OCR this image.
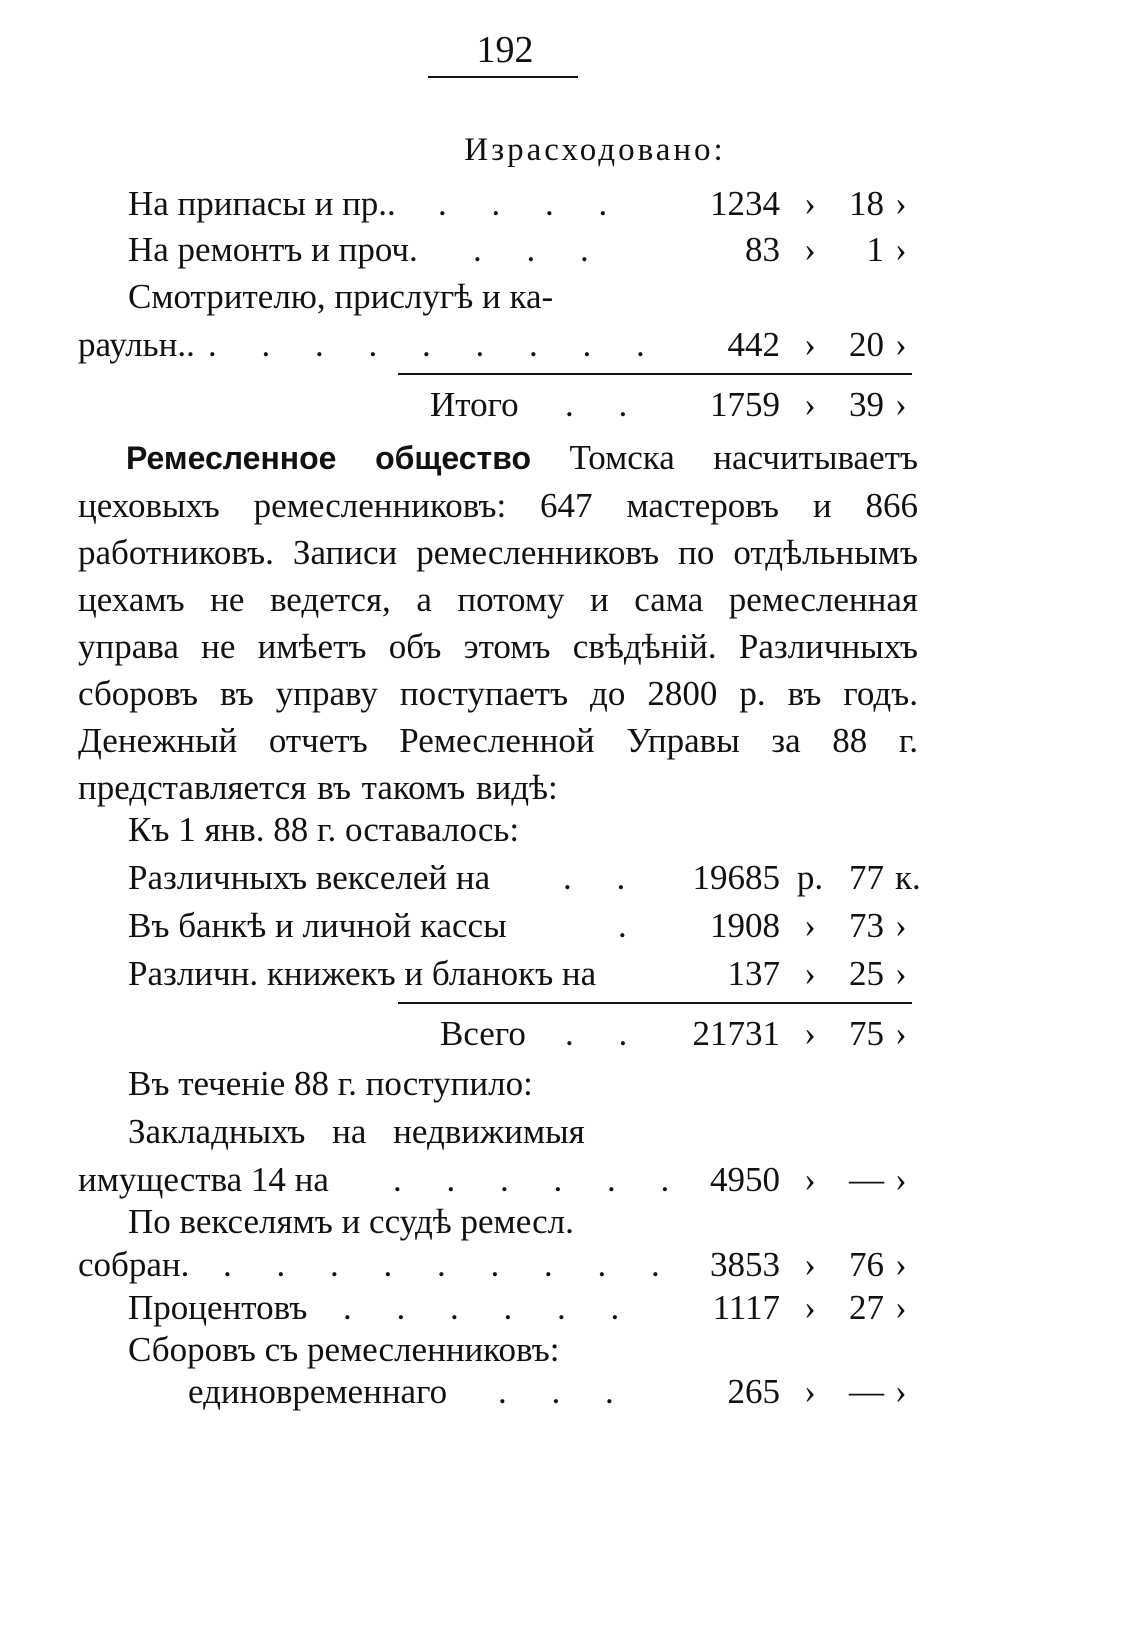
192
Израсходовано:
На припасы и пр.. . . . .	1234 › 18 ›
На ремонтъ и проч. . . .	83 ›	1 ›
Смотрителю, прислугѣ и ка-
раульн.. . . . . . . . . .	442 › 20 ›
Итого . .	1759 › 39 ›
Ремесленное общество Томска насчитываетъ цеховыхъ ремесленниковъ: 647 мастеровъ и 866 работниковъ. Записи ремесленниковъ по отдѣльнымъ цехамъ не ведется, а потому и сама ремесленная управа не имѣетъ объ этомъ свѣдѣній. Различныхъ сборовъ въ управу поступаетъ до 2800 р. въ годъ. Денежный отчетъ Ремесленной Управы за 88 г. представляется въ такомъ видѣ:
Къ 1 янв. 88 г. оставалось:
Различныхъ векселей на . .	19685 р. 77 к.
Въ банкѣ и личной кассы	.	1908 › 73 ›
Различн. книжекъ и бланокъ на	137 › 25 ›
Всего . .	21731 › 75 ›
Въ теченіе 88 г. поступило:
Закладныхъ на недвижимыя
имущества 14 на . . . . . . 4950 › — ›
По векселямъ и ссудѣ ремесл.
собран. . . . . . . . . . 3853 › 76 ›
Процентовъ . . . . . .	1117 › 27 ›
Сборовъ съ ремесленниковъ:
единовременнаго . . .	265 › — ›
